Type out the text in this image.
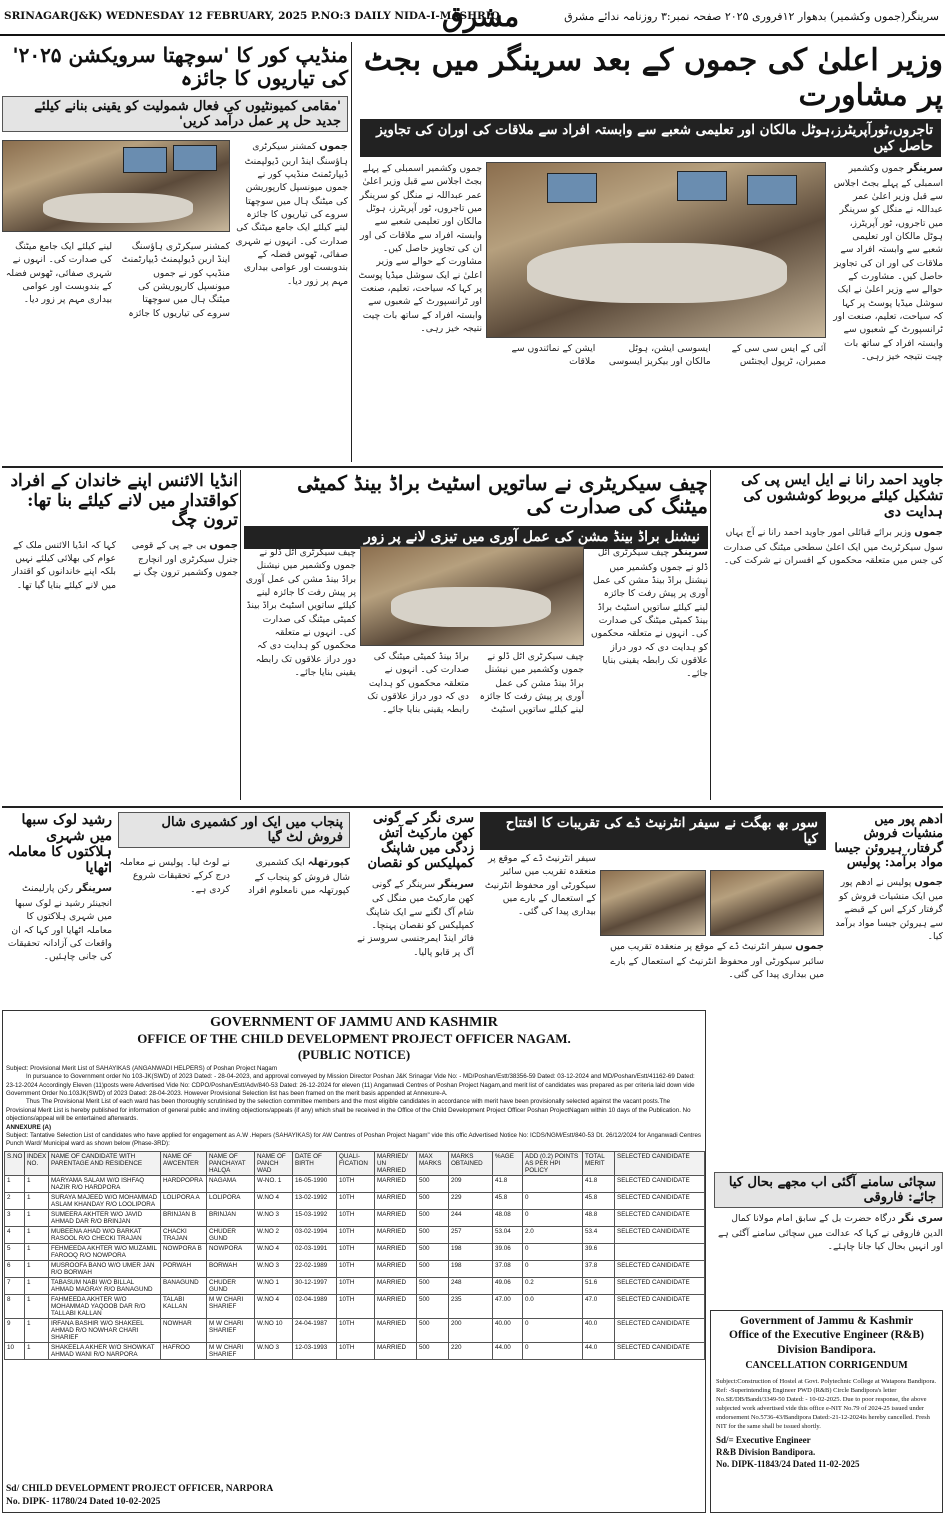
SRINAGAR(J&K) WEDNESDAY 12 FEBRUARY, 2025 P.NO:3 DAILY NIDA-I-MASHRIQ
مشرق	سرینگر(جموں وکشمیر) بدھوار ۱۲فروری ۲۰۲۵ صفحہ نمبر:۳ روزنامہ ندائے مشرق
منڈیپ کور کا 'سوچھتا سرویکشن ۲۰۲۵' کی تیاریوں کا جائزہ
'مقامی کمیونٹیوں کی فعال شمولیت کو یقینی بنانے کیلئے جدید حل پر عمل درآمد کریں'
جموں کمشنر سیکرٹری ہاؤسنگ اینڈ اربن ڈیولپمنٹ ڈیپارٹمنٹ منڈیپ کور نے جموں میونسپل کارپوریشن کی میٹنگ ہال میں سوچھتا سروے کی تیاریوں کا جائزہ لینے کیلئے ایک جامع میٹنگ کی صدارت کی۔ انہوں نے شہری صفائی، ٹھوس فضلہ کے بندوبست اور عوامی بیداری مہم پر زور دیا۔
کمشنر سیکرٹری ہاؤسنگ اینڈ اربن ڈیولپمنٹ ڈیپارٹمنٹ منڈیپ کور نے جموں میونسپل کارپوریشن کی میٹنگ ہال میں سوچھتا سروے کی تیاریوں کا جائزہ لینے کیلئے ایک جامع میٹنگ کی صدارت کی۔ انہوں نے شہری صفائی، ٹھوس فضلہ کے بندوبست اور عوامی بیداری مہم پر زور دیا۔
وزیر اعلیٰ کی جموں کے بعد سرینگر میں بجٹ پر مشاورت
تاجروں،ٹورآپریٹرز،ہوٹل مالکان اور تعلیمی شعبے سے وابستہ افراد سے ملاقات کی اوران کی تجاویز حاصل کیں
سرینگر جموں وکشمیر اسمبلی کے پہلے بجٹ اجلاس سے قبل وزیر اعلیٰ عمر عبداللہ نے منگل کو سرینگر میں تاجروں، ٹور آپریٹرز، ہوٹل مالکان اور تعلیمی شعبے سے وابستہ افراد سے ملاقات کی اور ان کی تجاویز حاصل کیں۔ مشاورت کے حوالے سے وزیر اعلیٰ نے ایک سوشل میڈیا پوسٹ پر کہا کہ سیاحت، تعلیم، صنعت اور ٹرانسپورٹ کے شعبوں سے وابستہ افراد کے ساتھ بات چیت نتیجہ خیز رہی۔
جموں وکشمیر اسمبلی کے پہلے بجٹ اجلاس سے قبل وزیر اعلیٰ عمر عبداللہ نے منگل کو سرینگر میں تاجروں، ٹور آپریٹرز، ہوٹل مالکان اور تعلیمی شعبے سے وابستہ افراد سے ملاقات کی اور ان کی تجاویز حاصل کیں۔ مشاورت کے حوالے سے وزیر اعلیٰ نے ایک سوشل میڈیا پوسٹ پر کہا کہ سیاحت، تعلیم، صنعت اور ٹرانسپورٹ کے شعبوں سے وابستہ افراد کے ساتھ بات چیت نتیجہ خیز رہی۔
آئی کے ایس سی سی کے ممبران، ٹریول ایجنٹس ایسوسی ایشن، ہوٹل مالکان اور بیکریز ایسوسی ایشن کے نمائندوں سے ملاقات
انڈیا الائنس اپنے خاندان کے افراد کواقتدار میں لانے کیلئے بنا تھا: ترون چگ
جموں بی جے پی کے قومی جنرل سیکرٹری اور انچارج جموں وکشمیر ترون چگ نے کہا کہ انڈیا الائنس ملک کے عوام کی بھلائی کیلئے نہیں بلکہ اپنے خاندانوں کو اقتدار میں لانے کیلئے بنایا گیا تھا۔
چیف سیکریٹری نے ساتویں اسٹیٹ براڈ بینڈ کمیٹی میٹنگ کی صدارت کی
نیشنل براڈ بینڈ مشن کی عمل آوری میں تیزی لانے پر زور
سرینگر چیف سیکرٹری اٹل ڈلو نے جموں وکشمیر میں نیشنل براڈ بینڈ مشن کی عمل آوری پر پیش رفت کا جائزہ لینے کیلئے ساتویں اسٹیٹ براڈ بینڈ کمیٹی میٹنگ کی صدارت کی۔ انہوں نے متعلقہ محکموں کو ہدایت دی کہ دور دراز علاقوں تک رابطہ یقینی بنایا جائے۔
چیف سیکرٹری اٹل ڈلو نے جموں وکشمیر میں نیشنل براڈ بینڈ مشن کی عمل آوری پر پیش رفت کا جائزہ لینے کیلئے ساتویں اسٹیٹ براڈ بینڈ کمیٹی میٹنگ کی صدارت کی۔ انہوں نے متعلقہ محکموں کو ہدایت دی کہ دور دراز علاقوں تک رابطہ یقینی بنایا جائے۔
چیف سیکرٹری اٹل ڈلو نے جموں وکشمیر میں نیشنل براڈ بینڈ مشن کی عمل آوری پر پیش رفت کا جائزہ لینے کیلئے ساتویں اسٹیٹ براڈ بینڈ کمیٹی میٹنگ کی صدارت کی۔ انہوں نے متعلقہ محکموں کو ہدایت دی کہ دور دراز علاقوں تک رابطہ یقینی بنایا جائے۔
جاوید احمد رانا نے ایل ایس پی کی تشکیل کیلئے مربوط کوششوں کی ہدایت دی
جموں وزیر برائے قبائلی امور جاوید احمد رانا نے آج یہاں سول سیکرٹریٹ میں ایک اعلیٰ سطحی میٹنگ کی صدارت کی جس میں متعلقہ محکموں کے افسران نے شرکت کی۔
رشید لوک سبھا میں شہری ہلاکتوں کا معاملہ اٹھایا
سرینگر رکن پارلیمنٹ انجینئر رشید نے لوک سبھا میں شہری ہلاکتوں کا معاملہ اٹھایا اور کہا کہ ان واقعات کی آزادانہ تحقیقات کی جانی چاہئیں۔
پنجاب میں ایک اور کشمیری شال فروش لٹ گیا
کپورتھلہ ایک کشمیری شال فروش کو پنجاب کے کپورتھلہ میں نامعلوم افراد نے لوٹ لیا۔ پولیس نے معاملہ درج کرکے تحقیقات شروع کردی ہے۔
سری نگر کے گونی کھن مارکیٹ آتش زدگی میں شاپنگ کمپلیکس کو نقصان
سرینگر سرینگر کے گونی کھن مارکیٹ میں منگل کی شام آگ لگنے سے ایک شاپنگ کمپلیکس کو نقصان پہنچا۔ فائر اینڈ ایمرجنسی سروسز نے آگ پر قابو پالیا۔
سور بھ بھگت نے سیفر انٹرنیٹ ڈے کی تقریبات کا افتتاح کیا
سیفر انٹرنیٹ ڈے کے موقع پر منعقدہ تقریب میں سائبر سیکورٹی اور محفوظ انٹرنیٹ کے استعمال کے بارے میں بیداری پیدا کی گئی۔
جموں سیفر انٹرنیٹ ڈے کے موقع پر منعقدہ تقریب میں سائبر سیکورٹی اور محفوظ انٹرنیٹ کے استعمال کے بارے میں بیداری پیدا کی گئی۔
ادھم پور میں منشیات فروش گرفتار، ہیروئن جیسا مواد برآمد: پولیس
جموں پولیس نے ادھم پور میں ایک منشیات فروش کو گرفتار کرکے اس کے قبضے سے ہیروئن جیسا مواد برآمد کیا۔
سچائی سامنے آگئی اب مجھے بحال کیا جائے: فاروقی
سری نگر درگاہ حضرت بل کے سابق امام مولانا کمال الدین فاروقی نے کہا کہ عدالت میں سچائی سامنے آگئی ہے اور انہیں بحال کیا جانا چاہئے۔
GOVERNMENT OF JAMMU AND KASHMIR
OFFICE OF THE CHILD DEVELOPMENT PROJECT OFFICER NAGAM.
(PUBLIC NOTICE)
Subject: Provisional Merit List of SAHAYIKAS (ANGANWADI HELPERS) of Poshan Project Nagam
In pursuance to Government order No 103-JK(SWD) of 2023 Dated: - 28-04-2023, and approval conveyed by Mission Director Poshan J&K Srinagar Vide No: - MD/Poshan/Estt/38356-59 Dated: 03-12-2024 and MD/Poshan/Estt/41162-69 Dated: 23-12-2024 Accordingly Eleven (11)posts were Advertised Vide No: CDPO/Poshan/Estt/Adv/840-53 Dated: 26-12-2024 for eleven (11) Anganwadi Centres of Poshan Project Nagam,and merit list of candidates was prepared as per criteria laid down vide Government Order No.103JK(SWD) of 2023 Dated: 28-04-2023. However Provisional Selection list has been framed on the merit basis appended at Annexure-A.
Thus The Provisional Merit List of each ward has been thoroughly scrutinised by the selection committee members and the most eligible candidates in accordance with merit have been provisionally selected against the vacant posts.The Provisional Merit List is hereby published for information of general public and inviting objections/appeals (if any) which shall be received in the Office of the Child Development Project Officer Poshan ProjectNagam within 10 days of the Publication. No objections/appeal will be entertained afterwards.
ANNEXURE (A)
Subject: Tantative Selection List of candidates who have applied for engagement as A.W .Hepers (SAHAYIKAS) for AW Centres of Poshan Project Nagam" vide this offic Advertised Notice No: ICDS/NGM/Estt/840-53 Dt. 26/12/2024 for Anganwadi Centres Punch Ward/ Municipal ward as shown below (Phase-3RD):
S.NO	INDEX NO.	NAME OF CANDIDATE WITH PARENTAGE AND RESIDENCE	NAME OF AWCENTER	NAME OF PANCHAYAT HALQA	NAME OF PANCH WAD	DATE OF BIRTH	QUALI-FICATION	MARRIED/ UN MARRIED	MAX MARKS	MARKS OBTAINED	%AGE	ADD (0.2) POINTS AS PER HPI POLICY	TOTAL MERIT	SELECTED CANIDIDATE
1	1	MARYAMA SALAM W/O ISHFAQ NAZIR R/O HARDPORA	HARDPOPRA	NAGAMA	W-NO. 1	16-05-1990	10TH	MARRIED	500	209	41.8		41.8	SELECTED CANIDIDATE
2	1	SURAYA MAJEED W/O MOHAMMAD ASLAM KHANDAY R/O LOOLIPORA	LOLIPORA A	LOLIPORA	W.NO 4	13-02-1992	10TH	MARRIED	500	229	45.8	0	45.8	SELECTED CANIDIDATE
3	1	SUMEERA AKHTER W/O JAVID AHMAD DAR R/O BRINJAN	BRINJAN B	BRINJAN	W.NO 3	15-03-1992	10TH	MARRIED	500	244	48.08	0	48.8	SELECTED CANIDIDATE
4	1	MUBEENA AHAD W/O BARKAT RASOOL R/O CHECKI TRAJAN	CHACKI TRAJAN	CHUDER GUND	W.NO 2	03-02-1994	10TH	MARRIED	500	257	53.04	2.0	53.4	SELECTED CANIDIDATE
5	1	FEHMEEDA AKHTER W/O MUZAMIL FAROOQ R/O NOWPORA	NOWPORA B	NOWPORA	W.NO 4	02-03-1991	10TH	MARRIED	500	198	39.06	0	39.6	
6	1	MUSROOFA BANO W/O UMER JAN R/O BORWAH	PORWAH	BORWAH	W.NO 3	22-02-1989	10TH	MARRIED	500	198	37.08	0	37.8	SELECTED CANIDIDATE
7	1	TABASUM NABI W/O BILLAL AHMAD MAGRAY R/O BANAGUND	BANAGUND	CHUDER GUND	W.NO 1	30-12-1997	10TH	MARRIED	500	248	49.06	0.2	51.6	SELECTED CANIDIDATE
8	1	FAHMEEDA AKHTER W/O MOHAMMAD YAQOOB DAR R/O TALLABI KALLAN	TALABI KALLAN	M W CHARI SHARIEF	W.NO 4	02-04-1989	10TH	MARRIED	500	235	47.00	0.0	47.0	SELECTED CANIDIDATE
9	1	IRFANA BASHIR W/O SHAKEEL AHMAD R/O NOWHAR CHARI SHARIEF	NOWHAR	M W CHARI SHARIEF	W.NO 10	24-04-1987	10TH	MARRIED	500	200	40.00	0	40.0	SELECTED CANIDIDATE
10	1	SHAKEELA AKHER W/O SHOWKAT AHMAD WANI R/O NARPORA	HAFROO	M W CHARI SHARIEF	W.NO 3	12-03-1993	10TH	MARRIED	500	220	44.00	0	44.0	SELECTED CANIDIDATE
Sd/ CHILD DEVELOPMENT PROJECT OFFICER, NARPORA
No. DIPK- 11780/24 Dated 10-02-2025
Government of Jammu & Kashmir
Office of the Executive Engineer (R&B)
Division Bandipora.
CANCELLATION CORRIGENDUM
Subject:Construction of Hostel at Govt. Polytechnic College at Watapora Bandipora. Ref: -Superintending Engineer PWD (R&B) Circle Bandipora's letter No.SE/DB/Bandi/3349-50 Dated: - 10-02-2025. Due to poor response, the above subjected work advertised vide this office e-NIT No.79 of 2024-25 issued under endorsement No.5736-43/Bandipora Dated:-21-12-2024is hereby cancelled. Fresh NIT for the same shall be issued shortly.
Sd/= Executive Engineer
R&B Division Bandipora.
No. DIPK-11843/24 Dated 11-02-2025
